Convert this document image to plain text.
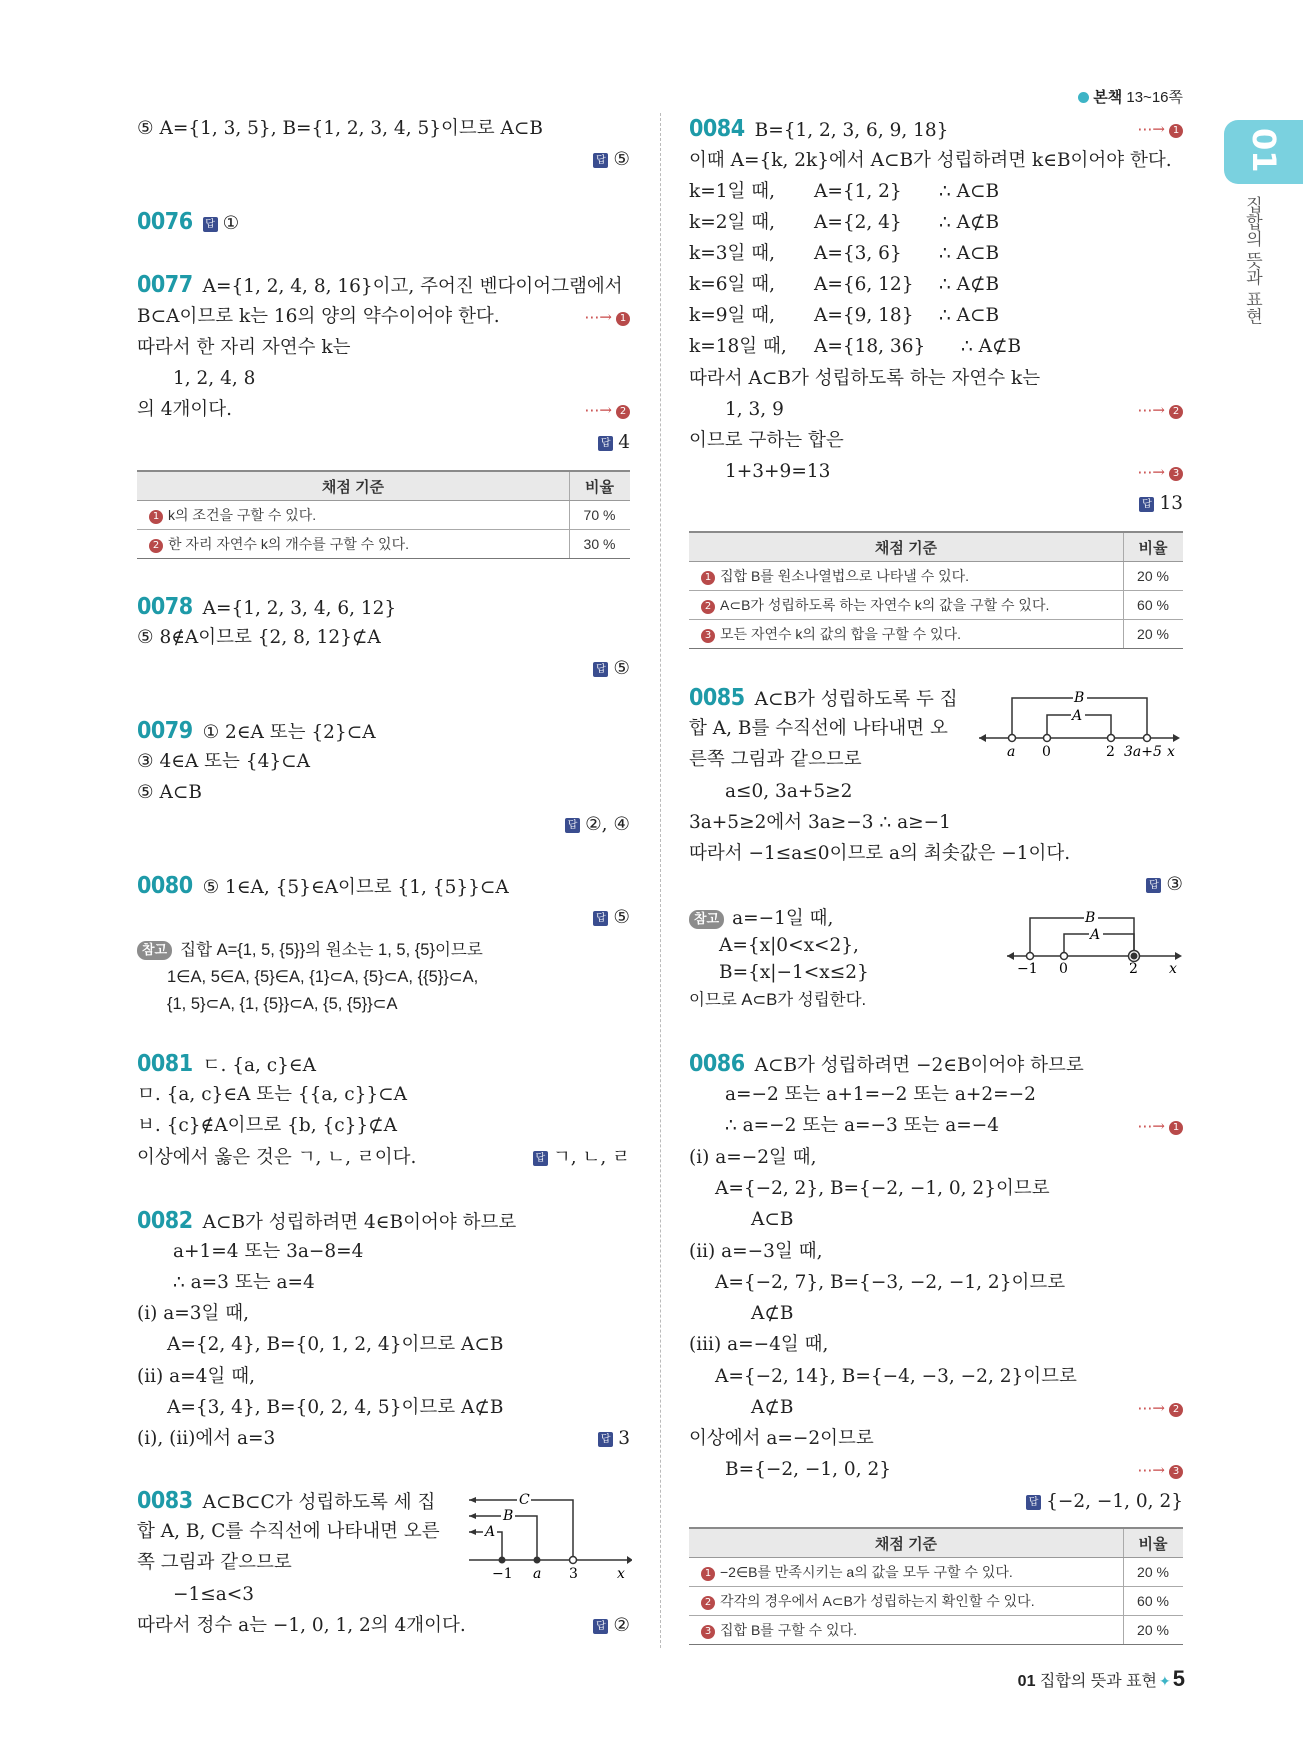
본책 13~16쪽
01
집합의 뜻과 표현
⑤ A={1, 3, 5}, B={1, 2, 3, 4, 5}이므로 A⊂B
답 ⑤
0076 답 ①
0077 A={1, 2, 4, 8, 16}이고, 주어진 벤다이어그램에서
B⊂A이므로 k는 16의 양의 약수이어야 한다.	⋯→ 1
따라서 한 자리 자연수 k는
1, 2, 4, 8
의 4개이다.	⋯→ 2
답 4
채점 기준	비율
1 k의 조건을 구할 수 있다.	70 %
2 한 자리 자연수 k의 개수를 구할 수 있다.	30 %
0078 A={1, 2, 3, 4, 6, 12}
⑤ 8∉A이므로 {2, 8, 12}⊄A
답 ⑤
0079 ① 2∈A 또는 {2}⊂A
③ 4∈A 또는 {4}⊂A
⑤ A⊂B
답 ②, ④
0080 ⑤ 1∈A, {5}∈A이므로 {1, {5}}⊂A
답 ⑤
참고 집합 A={1, 5, {5}}의 원소는 1, 5, {5}이므로
1∈A, 5∈A, {5}∈A, {1}⊂A, {5}⊂A, {{5}}⊂A,
{1, 5}⊂A, {1, {5}}⊂A, {5, {5}}⊂A
0081 ㄷ. {a, c}∈A
ㅁ. {a, c}∈A 또는 {{a, c}}⊂A
ㅂ. {c}∉A이므로 {b, {c}}⊄A
이상에서 옳은 것은 ㄱ, ㄴ, ㄹ이다.	답 ㄱ, ㄴ, ㄹ
0082 A⊂B가 성립하려면 4∈B이어야 하므로
a+1=4 또는 3a−8=4
∴ a=3 또는 a=4
(i) a=3일 때,
A={2, 4}, B={0, 1, 2, 4}이므로 A⊂B
(ii) a=4일 때,
A={3, 4}, B={0, 2, 4, 5}이므로 A⊄B
(i), (ii)에서 a=3	답 3
0083 A⊂B⊂C가 성립하도록 세 집
합 A, B, C를 수직선에 나타내면 오른
쪽 그림과 같으므로
−1≤a<3
따라서 정수 a는 −1, 0, 1, 2의 4개이다.	답 ②
C
B
A
−1 a 3	x
0084 B={1, 2, 3, 6, 9, 18}	⋯→ 1
이때 A={k, 2k}에서 A⊂B가 성립하려면 k∈B이어야 한다.
k=1일 때, A={1, 2} ∴ A⊂B
k=2일 때, A={2, 4} ∴ A⊄B
k=3일 때, A={3, 6} ∴ A⊂B
k=6일 때, A={6, 12} ∴ A⊄B
k=9일 때, A={9, 18} ∴ A⊂B
k=18일 때, A={18, 36} ∴ A⊄B
따라서 A⊂B가 성립하도록 하는 자연수 k는
1, 3, 9	⋯→ 2
이므로 구하는 합은
1+3+9=13	⋯→ 3
답 13
채점 기준	비율
1 집합 B를 원소나열법으로 나타낼 수 있다.	20 %
2 A⊂B가 성립하도록 하는 자연수 k의 값을 구할 수 있다.	60 %
3 모든 자연수 k의 값의 합을 구할 수 있다.	20 %
0085 A⊂B가 성립하도록 두 집
합 A, B를 수직선에 나타내면 오
른쪽 그림과 같으므로
a≤0, 3a+5≥2
3a+5≥2에서 3a≥−3 ∴ a≥−1
따라서 −1≤a≤0이므로 a의 최솟값은 −1이다.
답 ③
B
A
a 0	2 3a+5 x
참고 a=−1일 때,
A={x|0<x<2},
B={x|−1<x≤2}
이므로 A⊂B가 성립한다.
B
A
−1 0	2 x
0086 A⊂B가 성립하려면 −2∈B이어야 하므로
a=−2 또는 a+1=−2 또는 a+2=−2
∴ a=−2 또는 a=−3 또는 a=−4	⋯→ 1
(i) a=−2일 때,
A={−2, 2}, B={−2, −1, 0, 2}이므로
A⊂B
(ii) a=−3일 때,
A={−2, 7}, B={−3, −2, −1, 2}이므로
A⊄B
(iii) a=−4일 때,
A={−2, 14}, B={−4, −3, −2, 2}이므로
A⊄B	⋯→ 2
이상에서 a=−2이므로
B={−2, −1, 0, 2}	⋯→ 3
답 {−2, −1, 0, 2}
채점 기준	비율
1 −2∈B를 만족시키는 a의 값을 모두 구할 수 있다.	20 %
2 각각의 경우에서 A⊂B가 성립하는지 확인할 수 있다.	60 %
3 집합 B를 구할 수 있다.	20 %
01 집합의 뜻과 표현 ✦5
